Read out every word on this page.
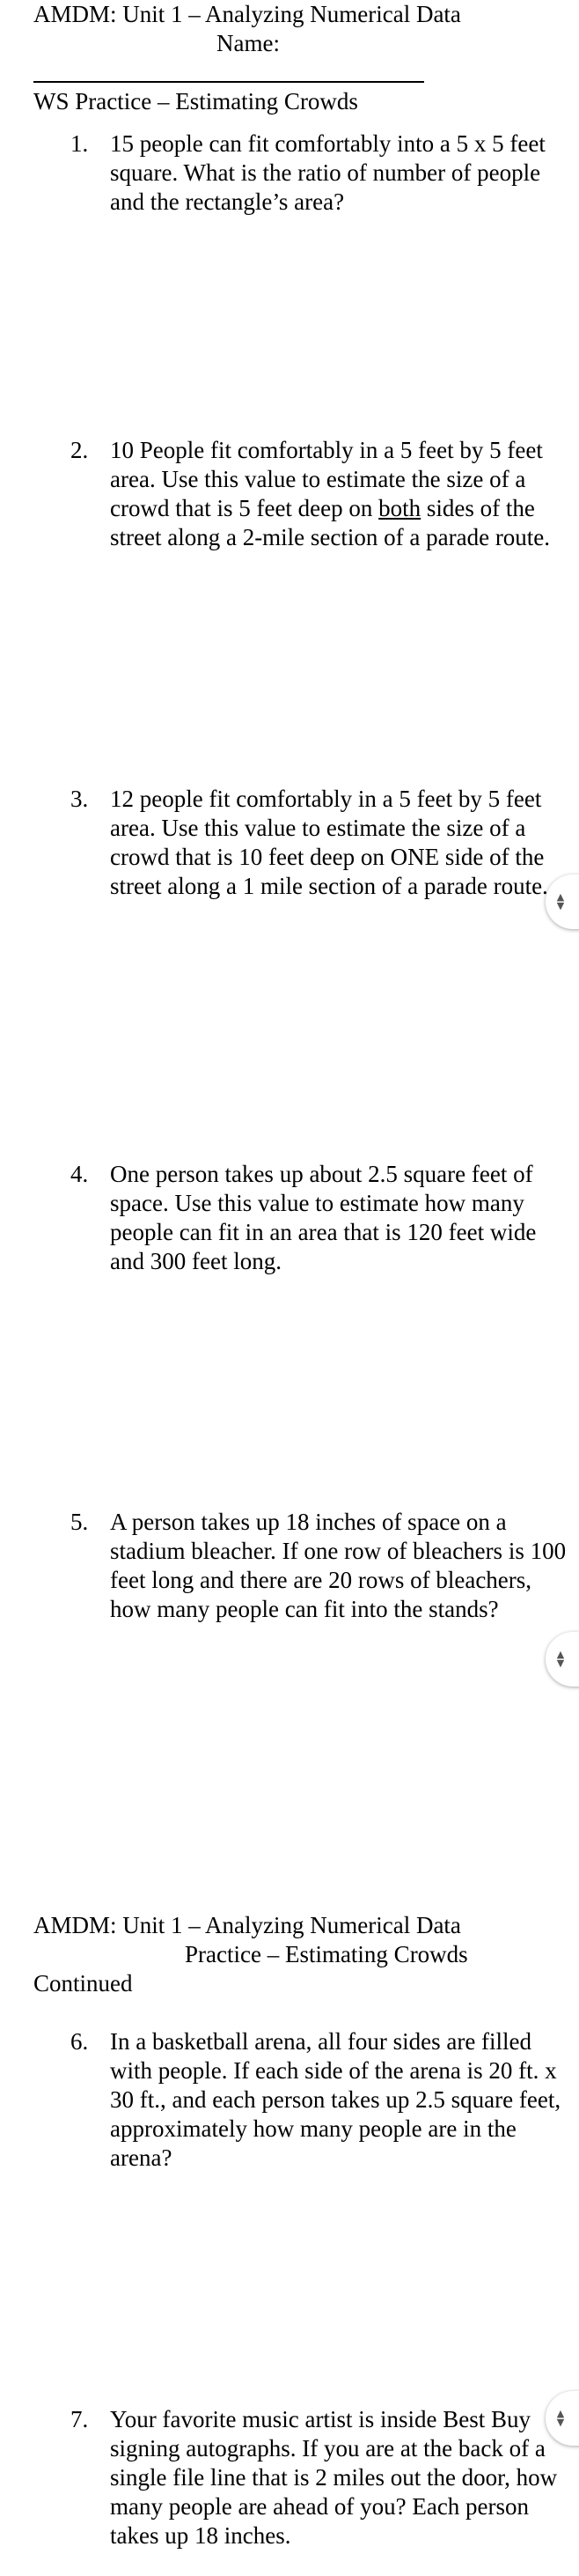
AMDM: Unit 1 – Analyzing Numerical Data
Name:
WS Practice – Estimating Crowds
1. 15 people can fit comfortably into a 5 x 5 feet square. What is the ratio of number of people and the rectangle’s area?
2. 10 People fit comfortably in a 5 feet by 5 feet area. Use this value to estimate the size of a crowd that is 5 feet deep on both sides of the street along a 2-mile section of a parade route.
3. 12 people fit comfortably in a 5 feet by 5 feet area. Use this value to estimate the size of a crowd that is 10 feet deep on ONE side of the street along a 1 mile section of a parade route.
4. One person takes up about 2.5 square feet of space. Use this value to estimate how many people can fit in an area that is 120 feet wide and 300 feet long.
5. A person takes up 18 inches of space on a stadium bleacher. If one row of bleachers is 100 feet long and there are 20 rows of bleachers, how many people can fit into the stands?
AMDM: Unit 1 – Analyzing Numerical Data
Practice – Estimating Crowds
Continued
6. In a basketball arena, all four sides are filled with people. If each side of the arena is 20 ft. x 30 ft., and each person takes up 2.5 square feet, approximately how many people are in the arena?
7. Your favorite music artist is inside Best Buy signing autographs. If you are at the back of a single file line that is 2 miles out the door, how many people are ahead of you? Each person takes up 18 inches.
▲
▼
▲
▼
▲
▼
